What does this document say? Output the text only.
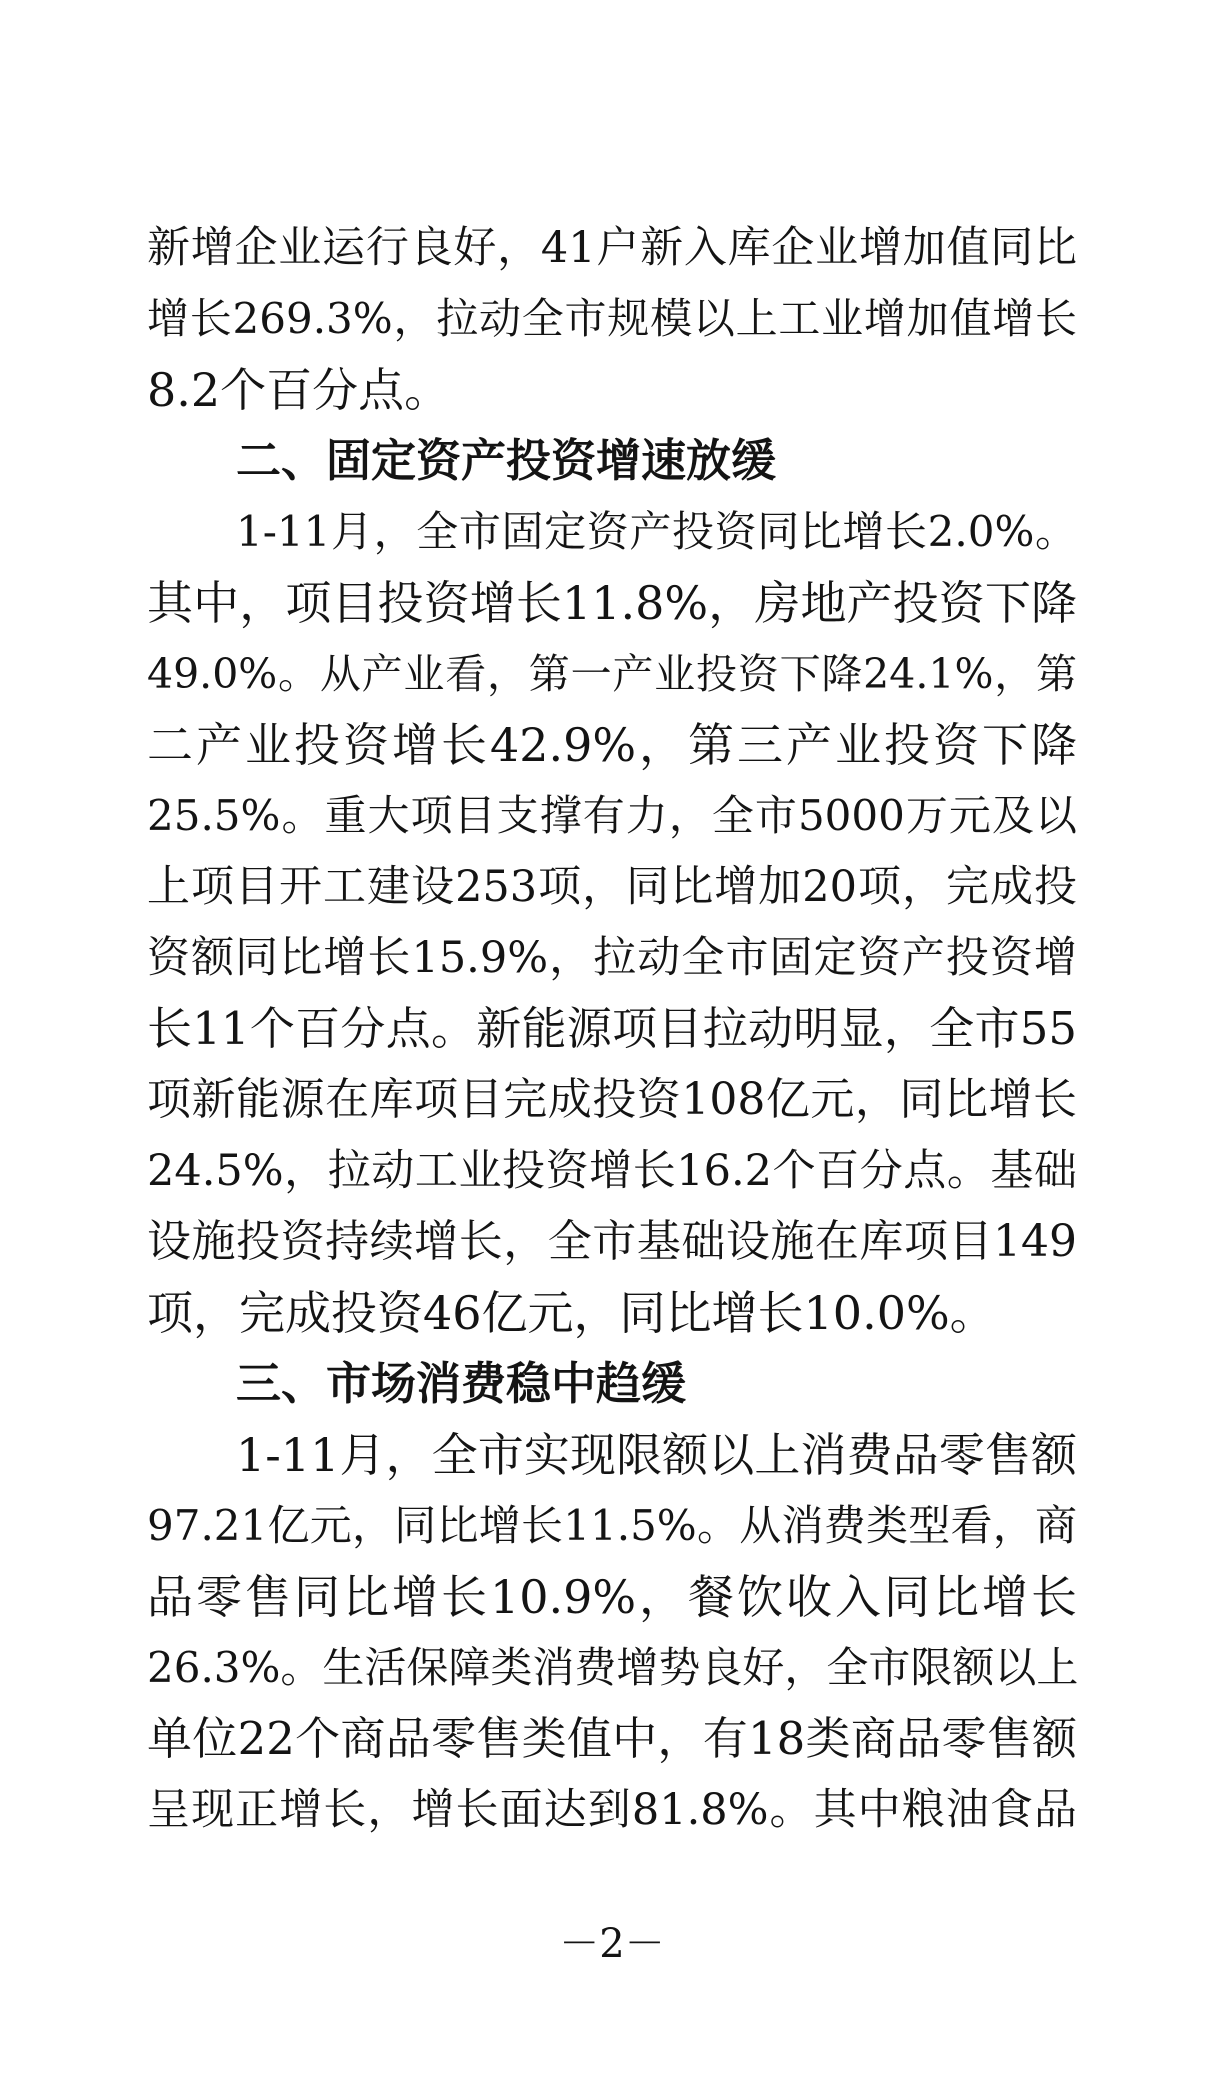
新增企业运行良好，41户新入库企业增加值同比
增长269.3%，拉动全市规模以上工业增加值增长
8.2个百分点。
二、固定资产投资增速放缓
1-11月，全市固定资产投资同比增长2.0%。
其中，项目投资增长11.8%，房地产投资下降
49.0%。从产业看，第一产业投资下降24.1%，第
二产业投资增长42.9%，第三产业投资下降
25.5%。重大项目支撑有力，全市5000万元及以
上项目开工建设253项，同比增加20项，完成投
资额同比增长15.9%，拉动全市固定资产投资增
长11个百分点。新能源项目拉动明显，全市55
项新能源在库项目完成投资108亿元，同比增长
24.5%，拉动工业投资增长16.2个百分点。基础
设施投资持续增长，全市基础设施在库项目149
项，完成投资46亿元，同比增长10.0%。
三、市场消费稳中趋缓
1-11月，全市实现限额以上消费品零售额
97.21亿元，同比增长11.5%。从消费类型看，商
品零售同比增长10.9%，餐饮收入同比增长
26.3%。生活保障类消费增势良好，全市限额以上
单位22个商品零售类值中，有18类商品零售额
呈现正增长，增长面达到81.8%。其中粮油食品
－2－
